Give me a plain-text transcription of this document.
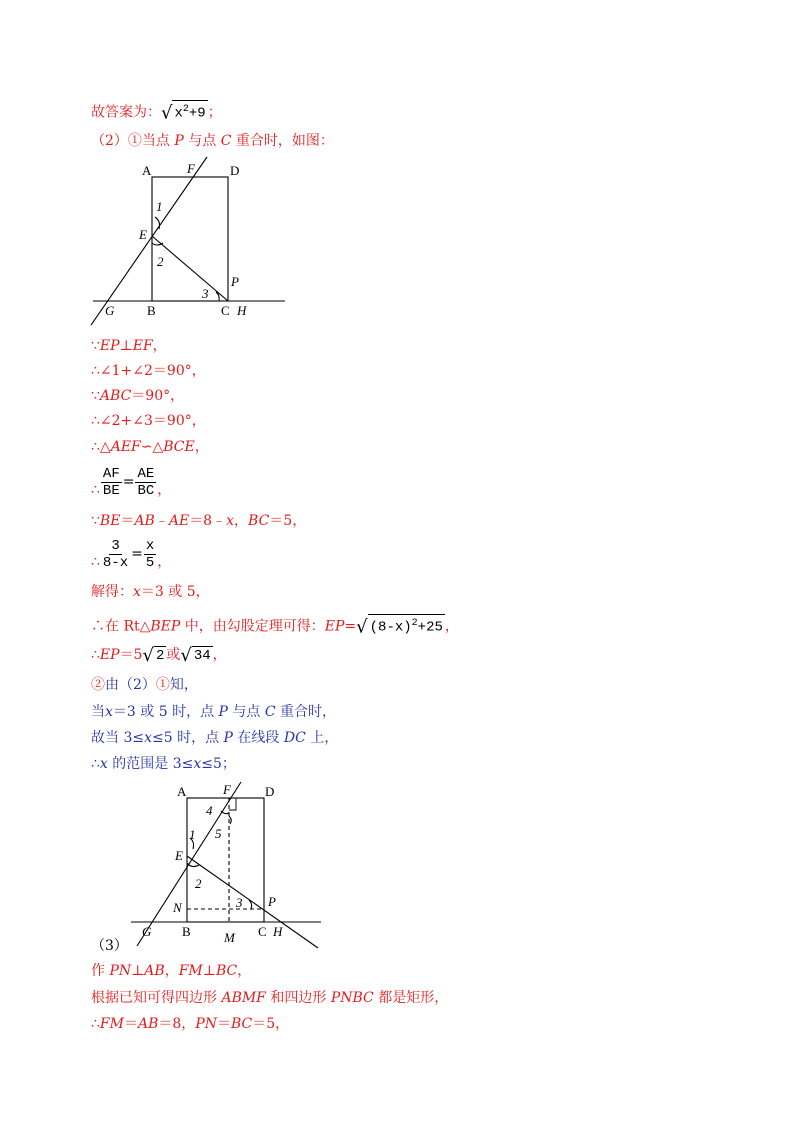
故答案为：√ $x^2+9$ ；
（2）①当点 P 与点 C 重合时，如图：
A	F	D
1
E
2
3
P
G	B	C H
∵EP⊥EF，
∴∠1+∠2＝90°，
∵ABC＝90°，
∴∠2+∠3＝90°，
∴△AEF∽△BCE，
∴ $\frac{AF}{BE} = \frac{AE}{BC}$ ，
∵BE＝AB﹣AE＝8﹣x，BC＝5，
∴ $\frac{3}{8-x} = \frac{x}{5}$ ，
解得：x＝3 或 5，
∴在 Rt△BEP 中，由勾股定理可得：EP=√ $(8-x)^2+25$ ，
∴EP＝5√ 2 或√ 34 ，
②由（2）①知，
当x＝3 或 5 时，点 P 与点 C 重合时，
故当 3≤x≤5 时，点 P 在线段 DC 上，
∴x 的范围是 3≤x≤5；
A	F	D
4
1 5
E
2
N	3 P
G B	M C H
（3）
作 PN⊥AB，FM⊥BC，
根据已知可得四边形 ABMF 和四边形 PNBC 都是矩形，
∴FM＝AB＝8，PN＝BC＝5，
